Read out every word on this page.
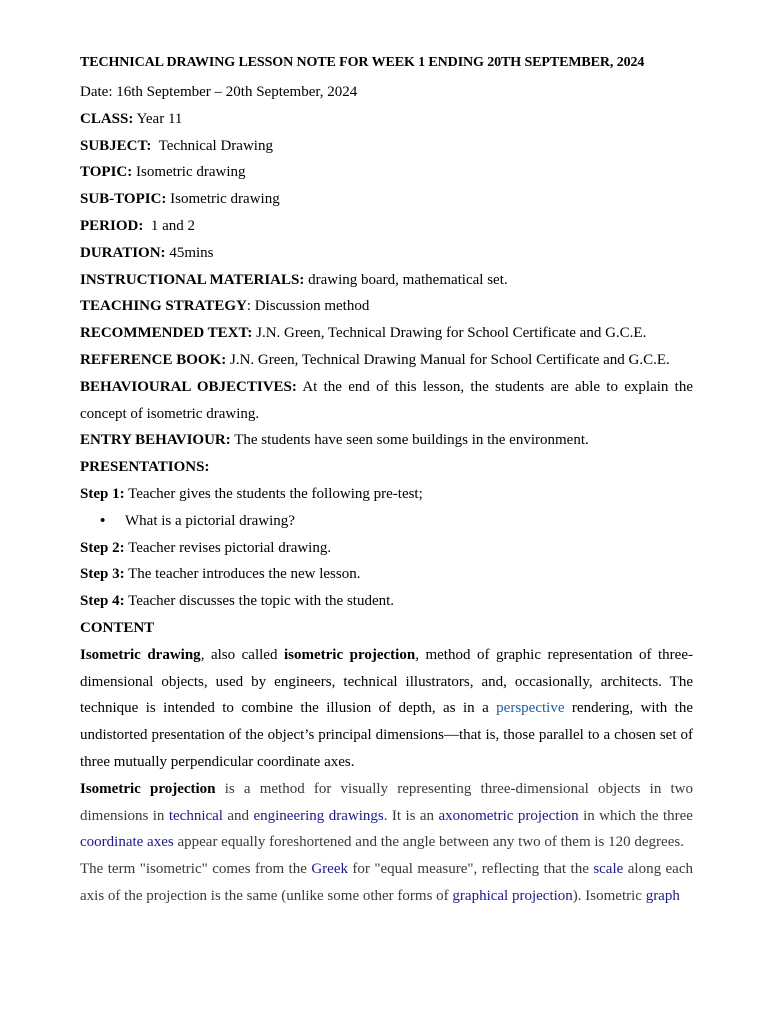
TECHNICAL DRAWING LESSON NOTE FOR WEEK 1 ENDING 20TH SEPTEMBER, 2024

Date: 16th September – 20th September, 2024

CLASS: Year 11

SUBJECT:  Technical Drawing

TOPIC: Isometric drawing

SUB-TOPIC: Isometric drawing

PERIOD:  1 and 2

DURATION: 45mins

INSTRUCTIONAL MATERIALS: drawing board, mathematical set.

TEACHING STRATEGY: Discussion method

RECOMMENDED TEXT: J.N. Green, Technical Drawing for School Certificate and G.C.E.

REFERENCE BOOK: J.N. Green, Technical Drawing Manual for School Certificate and G.C.E.

BEHAVIOURAL OBJECTIVES: At the end of this lesson, the students are able to explain the concept of isometric drawing.

ENTRY BEHAVIOUR: The students have seen some buildings in the environment.

PRESENTATIONS:

Step 1: Teacher gives the students the following pre-test;

•	What is a pictorial drawing?

Step 2: Teacher revises pictorial drawing.

Step 3: The teacher introduces the new lesson.

Step 4: Teacher discusses the topic with the student.

CONTENT

Isometric drawing, also called isometric projection, method of graphic representation of three-dimensional objects, used by engineers, technical illustrators, and, occasionally, architects. The technique is intended to combine the illusion of depth, as in a perspective rendering, with the undistorted presentation of the object’s principal dimensions—that is, those parallel to a chosen set of three mutually perpendicular coordinate axes.

Isometric projection is a method for visually representing three-dimensional objects in two dimensions in technical and engineering drawings. It is an axonometric projection in which the three coordinate axes appear equally foreshortened and the angle between any two of them is 120 degrees.

The term "isometric" comes from the Greek for "equal measure", reflecting that the scale along each axis of the projection is the same (unlike some other forms of graphical projection). Isometric graph
